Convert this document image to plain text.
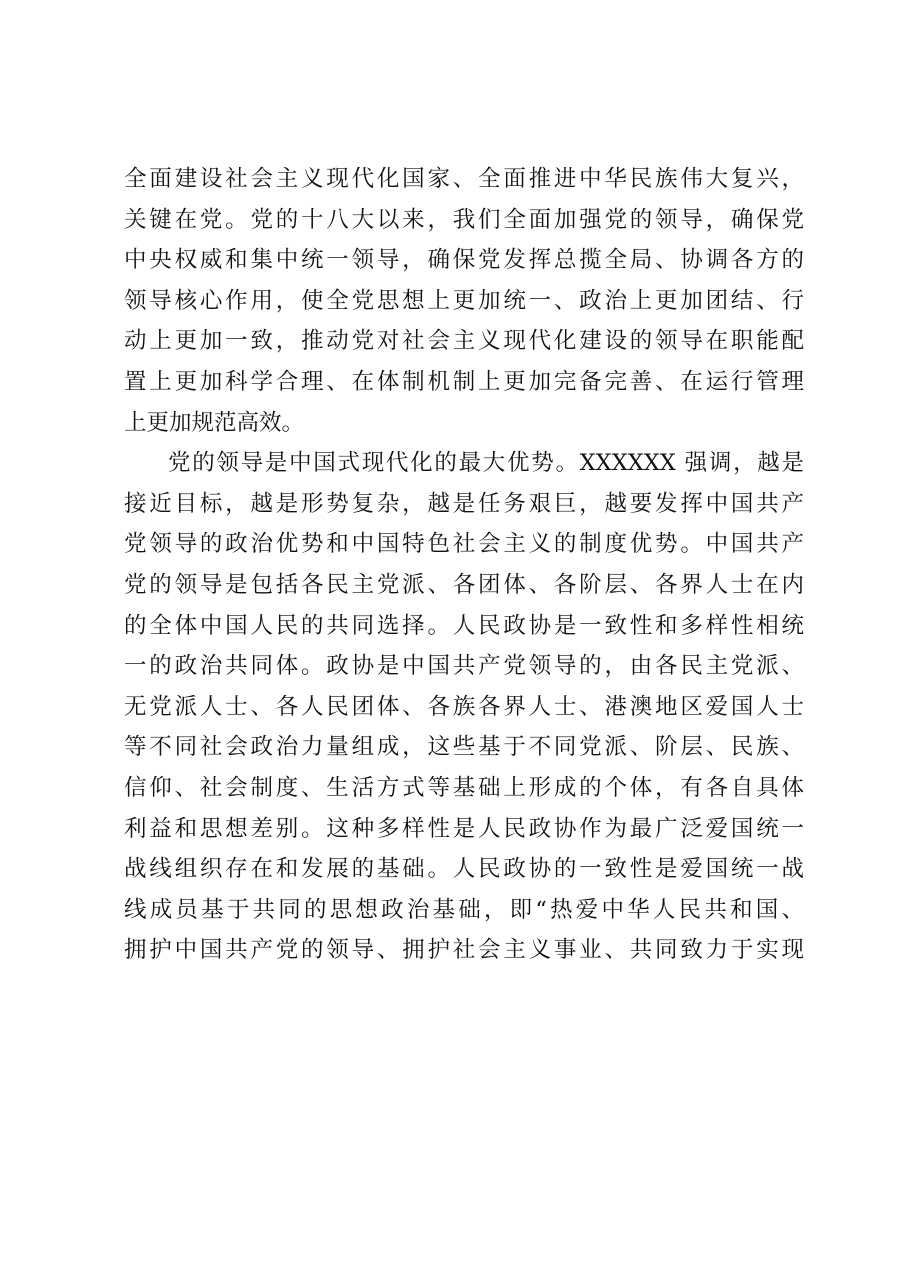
全面建设社会主义现代化国家、全面推进中华民族伟大复兴，
关键在党。党的十八大以来，我们全面加强党的领导，确保党
中央权威和集中统一领导，确保党发挥总揽全局、协调各方的
领导核心作用，使全党思想上更加统一、政治上更加团结、行
动上更加一致，推动党对社会主义现代化建设的领导在职能配
置上更加科学合理、在体制机制上更加完备完善、在运行管理
上更加规范高效。
党的领导是中国式现代化的最大优势。XXXXXX 强调，越是
接近目标，越是形势复杂，越是任务艰巨，越要发挥中国共产
党领导的政治优势和中国特色社会主义的制度优势。中国共产
党的领导是包括各民主党派、各团体、各阶层、各界人士在内
的全体中国人民的共同选择。人民政协是一致性和多样性相统
一的政治共同体。政协是中国共产党领导的，由各民主党派、
无党派人士、各人民团体、各族各界人士、港澳地区爱国人士
等不同社会政治力量组成，这些基于不同党派、阶层、民族、
信仰、社会制度、生活方式等基础上形成的个体，有各自具体
利益和思想差别。这种多样性是人民政协作为最广泛爱国统一
战线组织存在和发展的基础。人民政协的一致性是爱国统一战
线成员基于共同的思想政治基础，即“热爱中华人民共和国、
拥护中国共产党的领导、拥护社会主义事业、共同致力于实现
